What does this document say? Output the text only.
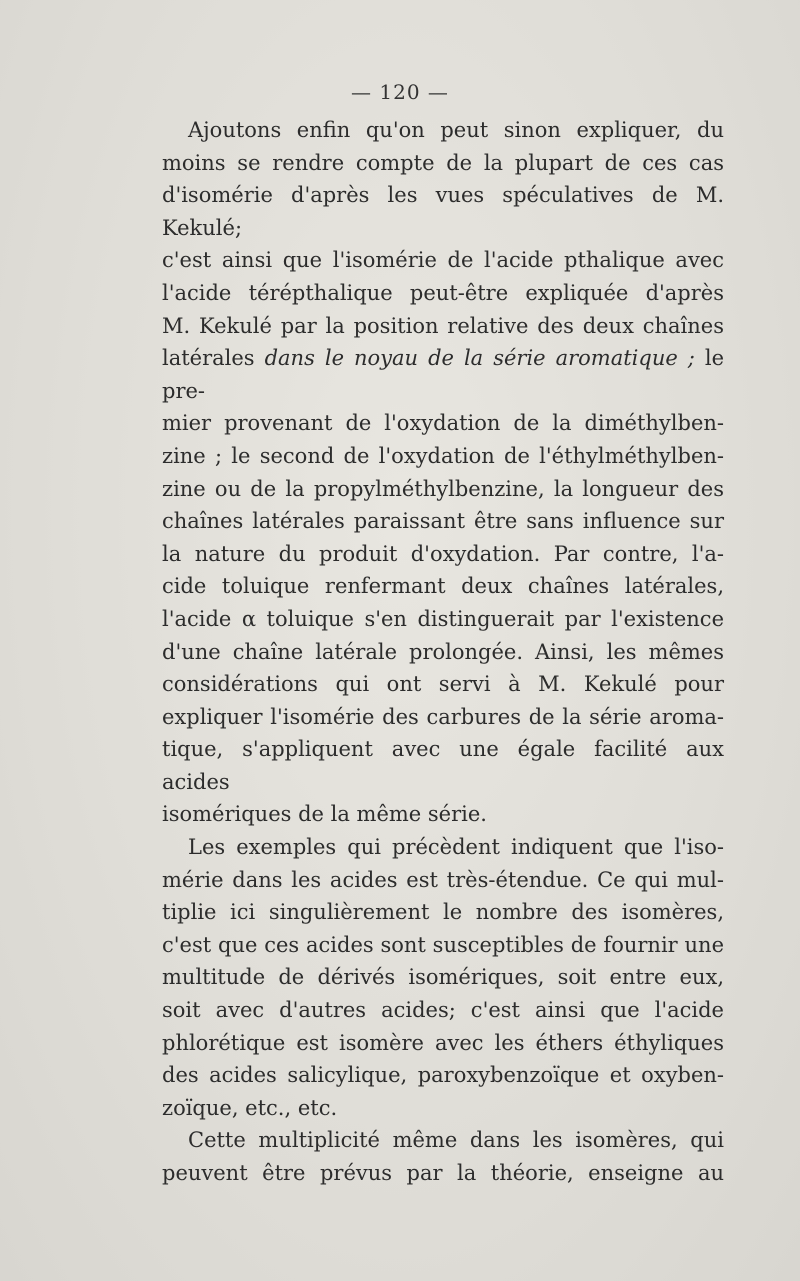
— 120 —
Ajoutons enfin qu'on peut sinon expliquer, du
moins se rendre compte de la plupart de ces cas
d'isomérie d'après les vues spéculatives de M. Kekulé;
c'est ainsi que l'isomérie de l'acide pthalique avec
l'acide térépthalique peut-être expliquée d'après
M. Kekulé par la position relative des deux chaînes
latérales dans le noyau de la série aromatique ; le pre-
mier provenant de l'oxydation de la diméthylben-
zine ; le second de l'oxydation de l'éthylméthylben-
zine ou de la propylméthylbenzine, la longueur des
chaînes latérales paraissant être sans influence sur
la nature du produit d'oxydation. Par contre, l'a-
cide toluique renfermant deux chaînes latérales,
l'acide α toluique s'en distinguerait par l'existence
d'une chaîne latérale prolongée. Ainsi, les mêmes
considérations qui ont servi à M. Kekulé pour
expliquer l'isomérie des carbures de la série aroma-
tique, s'appliquent avec une égale facilité aux acides
isomériques de la même série.
Les exemples qui précèdent indiquent que l'iso-
mérie dans les acides est très-étendue. Ce qui mul-
tiplie ici singulièrement le nombre des isomères,
c'est que ces acides sont susceptibles de fournir une
multitude de dérivés isomériques, soit entre eux,
soit avec d'autres acides; c'est ainsi que l'acide
phlorétique est isomère avec les éthers éthyliques
des acides salicylique, paroxybenzoïque et oxyben-
zoïque, etc., etc.
Cette multiplicité même dans les isomères, qui
peuvent être prévus par la théorie, enseigne au
